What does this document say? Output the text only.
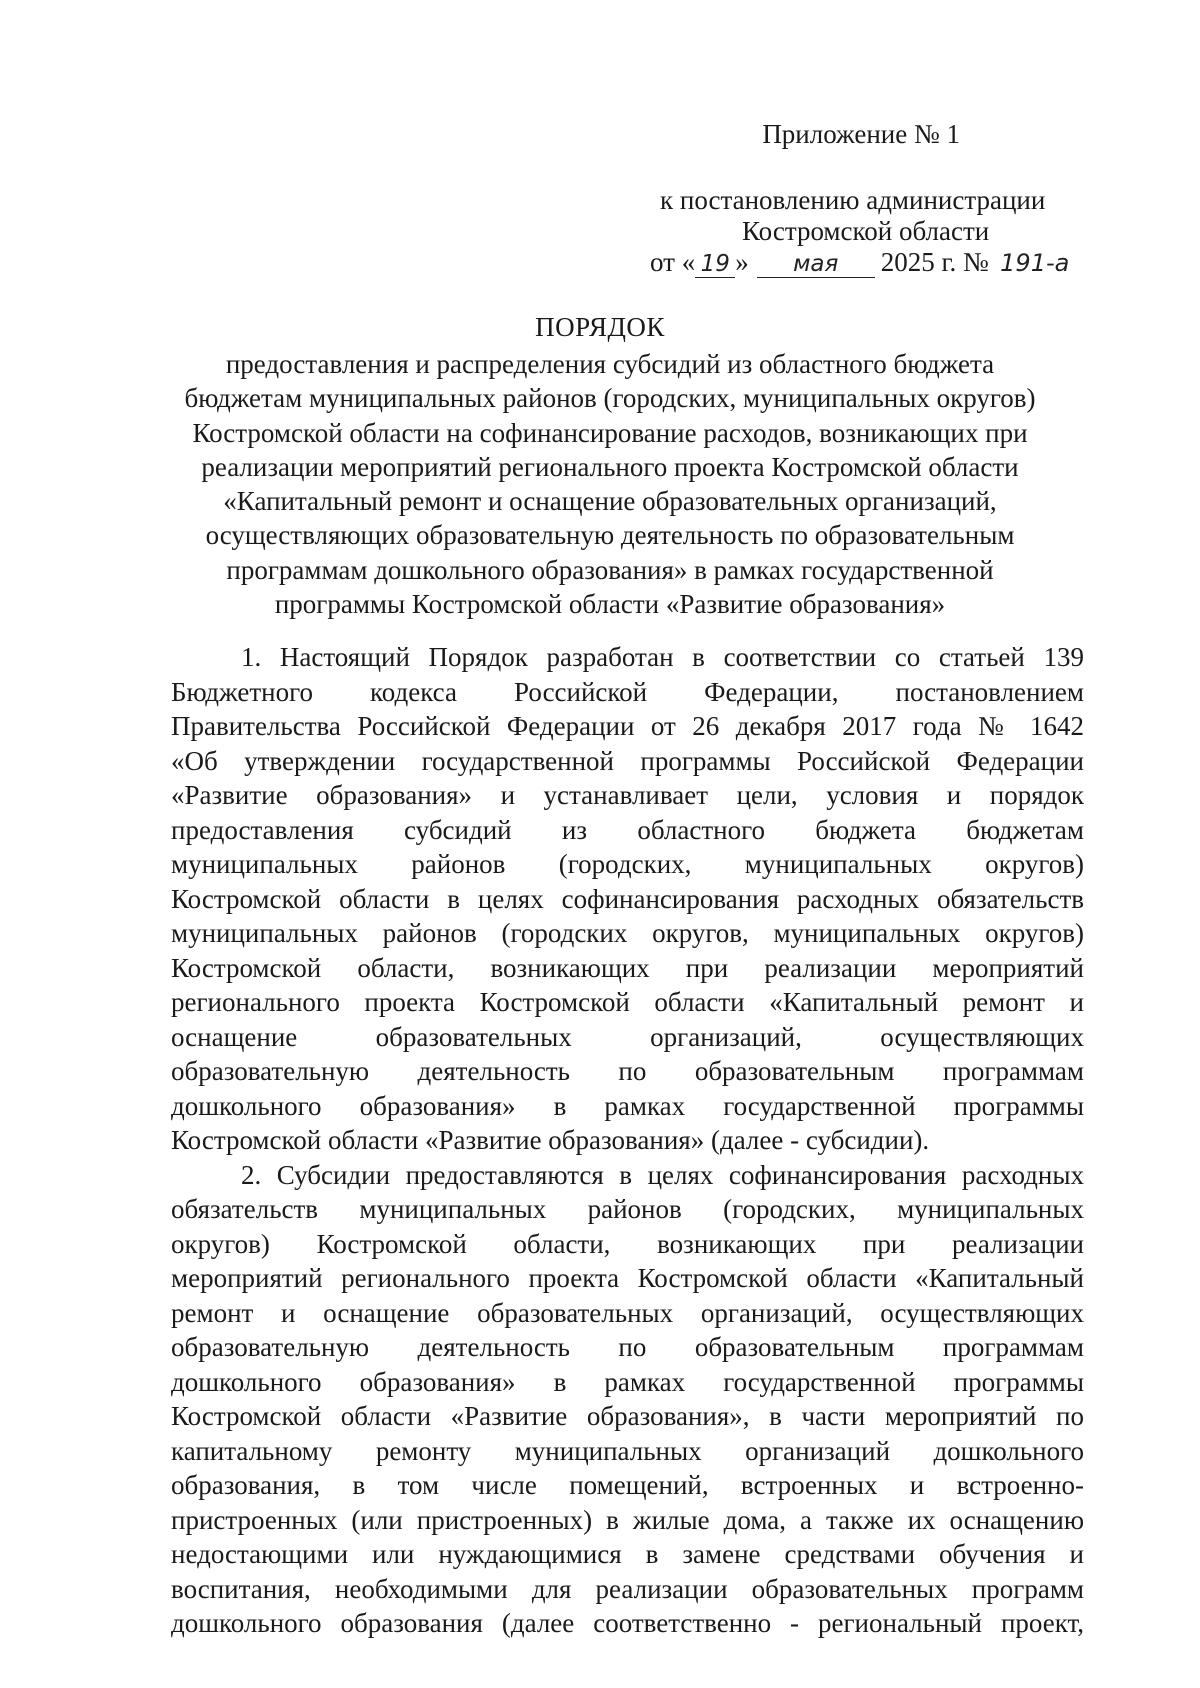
Приложение № 1
к постановлению администрации
Костромской области
от « 19 »	мая	2025 г. № 191-а
ПОРЯДОК
предоставления и распределения субсидий из областного бюджета
бюджетам муниципальных районов (городских, муниципальных округов)
Костромской области на софинансирование расходов, возникающих при
реализации мероприятий регионального проекта Костромской области
«Капитальный ремонт и оснащение образовательных организаций,
осуществляющих образовательную деятельность по образовательным
программам дошкольного образования» в рамках государственной
программы Костромской области «Развитие образования»
1. Настоящий Порядок разработан в соответствии со статьей 139
Бюджетного кодекса Российской Федерации, постановлением
Правительства Российской Федерации от 26 декабря 2017 года № 1642
«Об утверждении государственной программы Российской Федерации
«Развитие образования» и устанавливает цели, условия и порядок
предоставления субсидий из областного бюджета бюджетам
муниципальных районов (городских, муниципальных округов)
Костромской области в целях софинансирования расходных обязательств
муниципальных районов (городских округов, муниципальных округов)
Костромской области, возникающих при реализации мероприятий
регионального проекта Костромской области «Капитальный ремонт и
оснащение образовательных организаций, осуществляющих
образовательную деятельность по образовательным программам
дошкольного образования» в рамках государственной программы
Костромской области «Развитие образования» (далее - субсидии).
2. Субсидии предоставляются в целях софинансирования расходных
обязательств муниципальных районов (городских, муниципальных
округов) Костромской области, возникающих при реализации
мероприятий регионального проекта Костромской области «Капитальный
ремонт и оснащение образовательных организаций, осуществляющих
образовательную деятельность по образовательным программам
дошкольного образования» в рамках государственной программы
Костромской области «Развитие образования», в части мероприятий по
капитальному ремонту муниципальных организаций дошкольного
образования, в том числе помещений, встроенных и встроенно-
пристроенных (или пристроенных) в жилые дома, а также их оснащению
недостающими или нуждающимися в замене средствами обучения и
воспитания, необходимыми для реализации образовательных программ
дошкольного образования (далее соответственно - региональный проект,
